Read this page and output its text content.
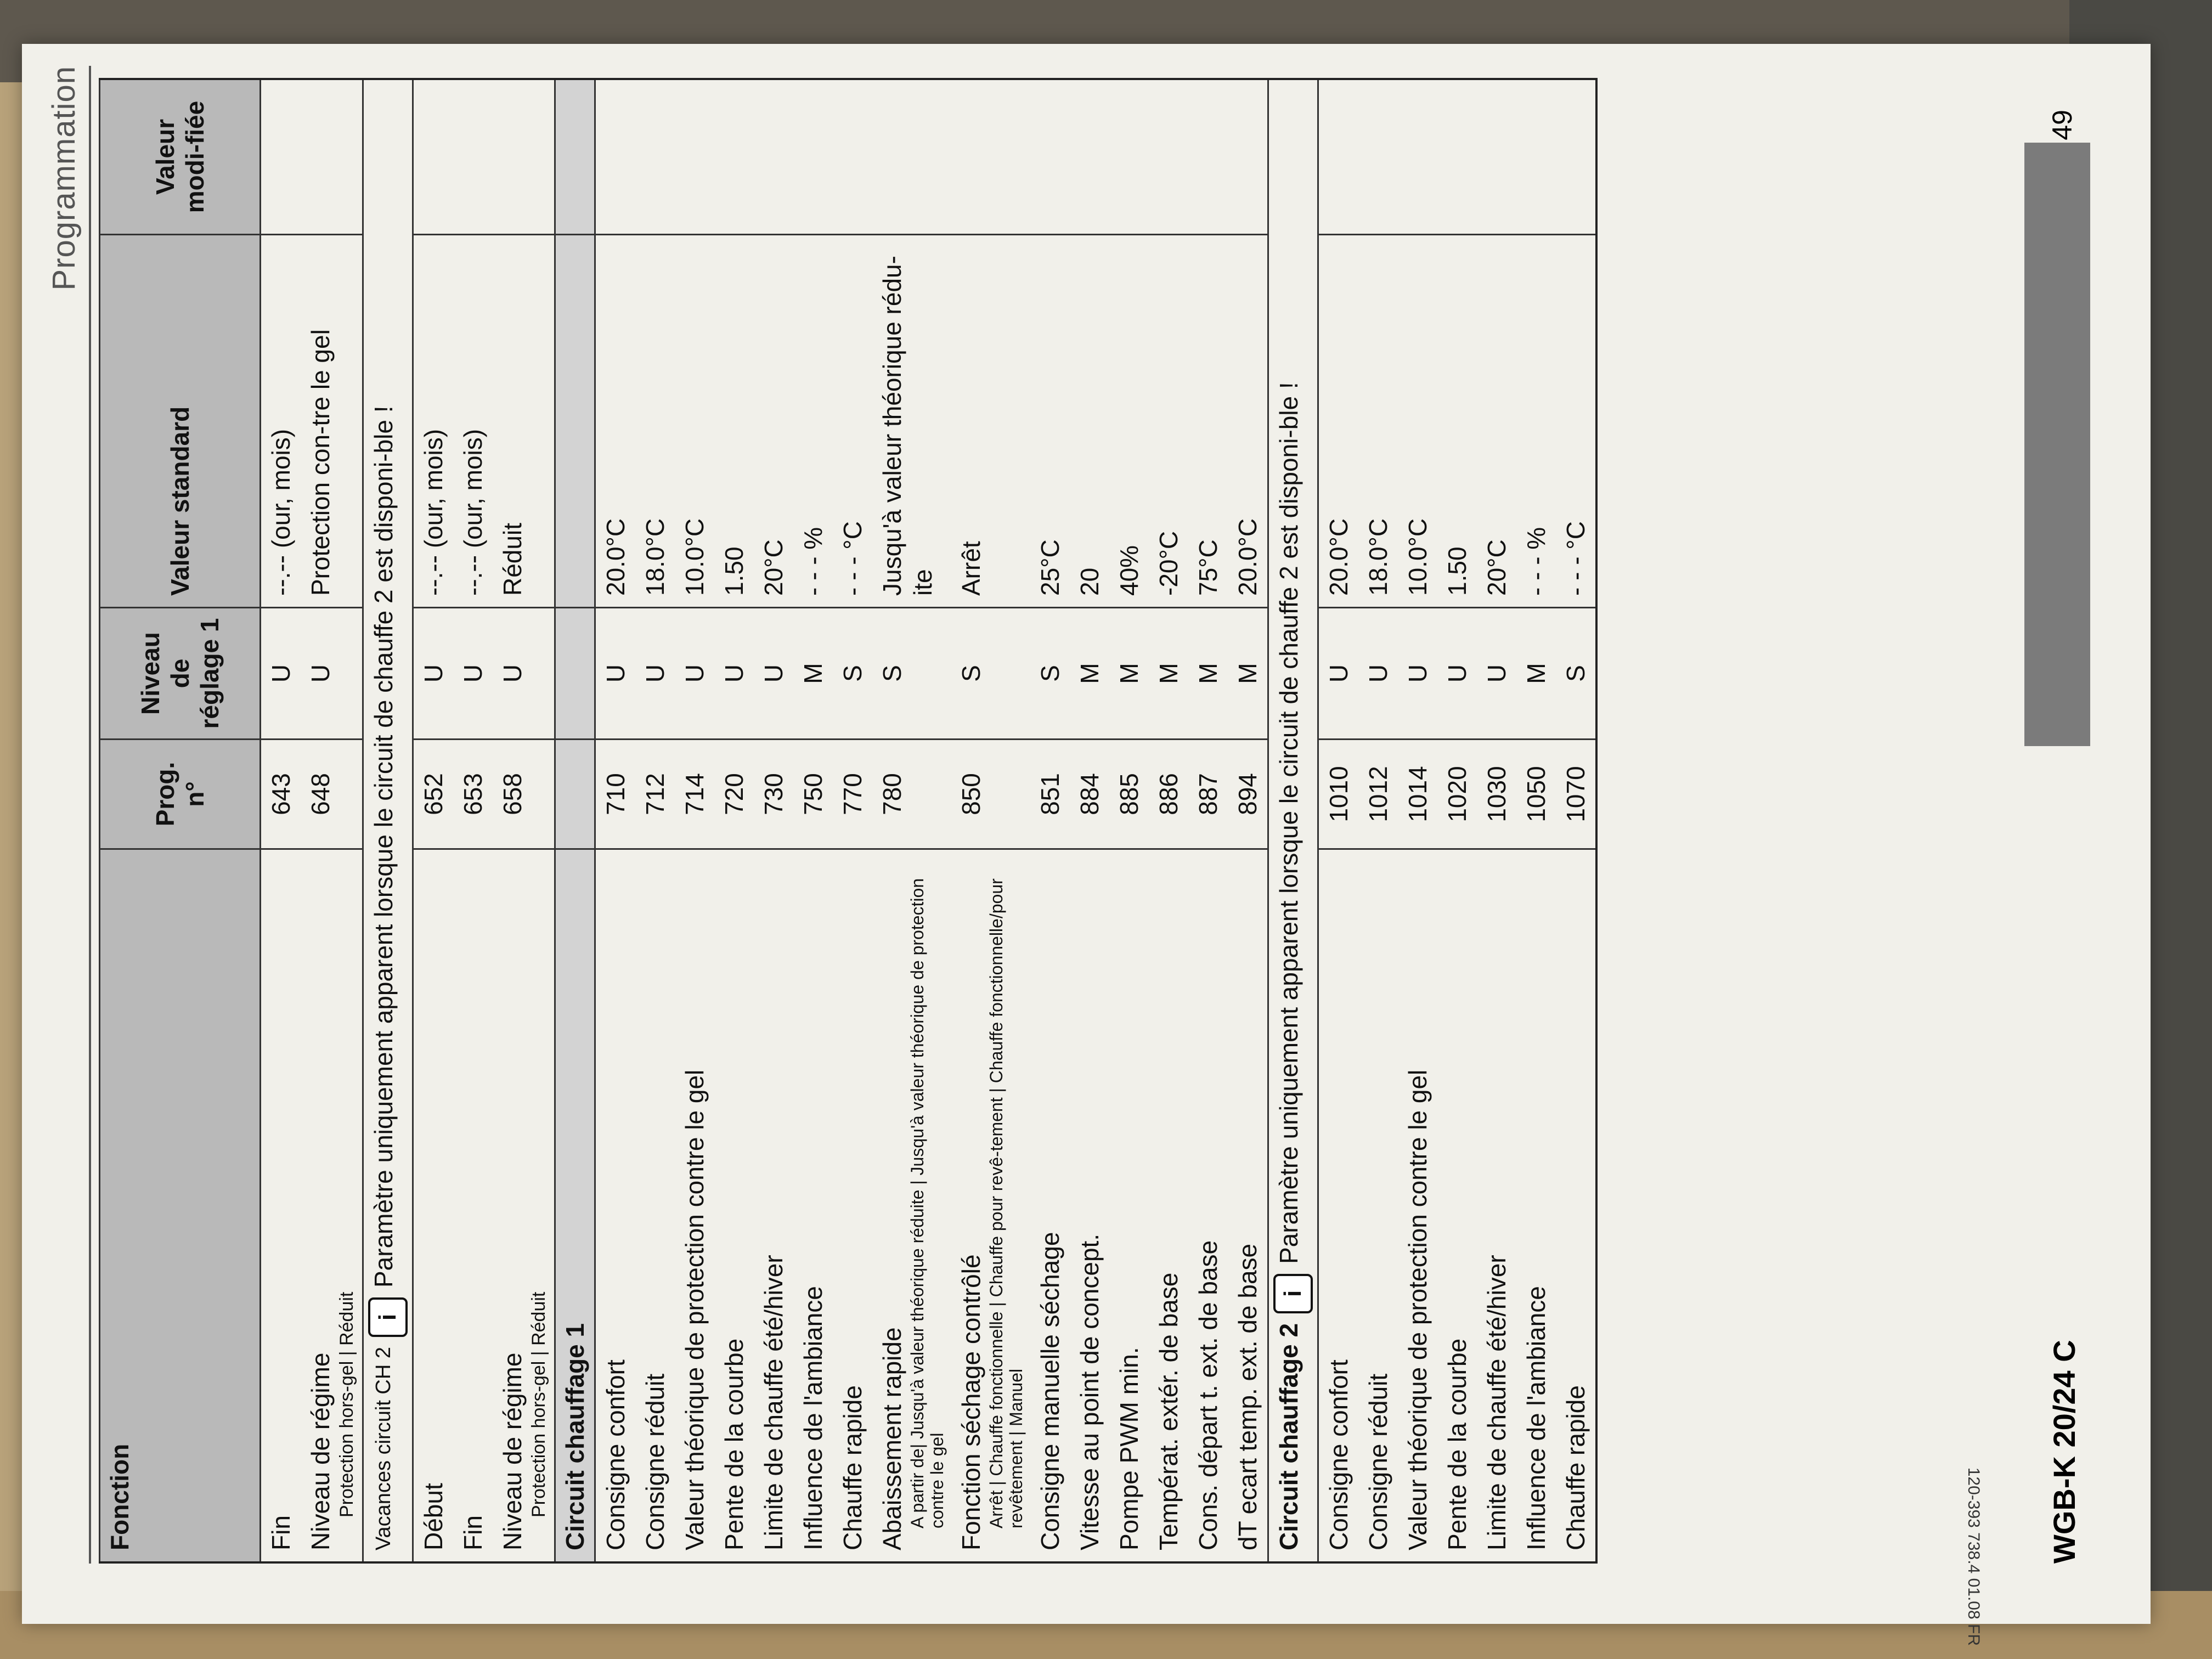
Programmation
Fonction
Prog. n°
Niveau de réglage 1
Valeur standard
Valeur modi-fiée
Fin
643
U
--.-- (our, mois)
Niveau de régime Protection hors-gel | Réduit
648
U
Protection con-tre le gel
Vacances circuit CH 2
i
Paramètre uniquement apparent lorsque le circuit de chauffe 2 est disponi-ble !
Début
652
U
--.-- (our, mois)
Fin
653
U
--.-- (our, mois)
Niveau de régime Protection hors-gel | Réduit
658
U
Réduit
Circuit chauffage 1 Consigne confort
710
U
20.0°C
Consigne réduit
712
U
18.0°C
Valeur théorique de protection contre le gel
714
U
10.0°C
Pente de la courbe
720
U
1.50
Limite de chauffe été/hiver
730
U
20°C
Influence de l'ambiance
750
M
- - - %
Chauffe rapide
770
S
- - - °C
Abaissement rapide A partir de| Jusqu'à valeur théorique réduite | Jusqu'à valeur théorique de protection contre le gel
780
S
Jusqu'à valeur théorique rédu-ite
Fonction séchage contrôlé Arrêt | Chauffe fonctionnelle | Chauffe pour revê-tement | Chauffe fonctionnelle/pour revêtement | Manuel
850
S
Arrêt
Consigne manuelle séchage
851
S
25°C
Vitesse au point de concept.
884
M
20
Pompe PWM min.
885
M
40%
Températ. extér. de base
886
M
-20°C
Cons. départ t. ext. de base
887
M
75°C
dT ecart temp. ext. de base
894
M
20.0°C
Circuit chauffage 2
i
Paramètre uniquement apparent lorsque le circuit de chauffe 2 est disponi-ble !
Consigne confort
1010
U
20.0°C
Consigne réduit
1012
U
18.0°C
Valeur théorique de protection contre le gel
1014
U
10.0°C
Pente de la courbe
1020
U
1.50
Limite de chauffe été/hiver
1030
U
20°C
Influence de l'ambiance
1050
M
- - - %
Chauffe rapide
1070
S
- - - °C
WGB-K 20/24 C
49
120-393 738.4 01.08 FR
